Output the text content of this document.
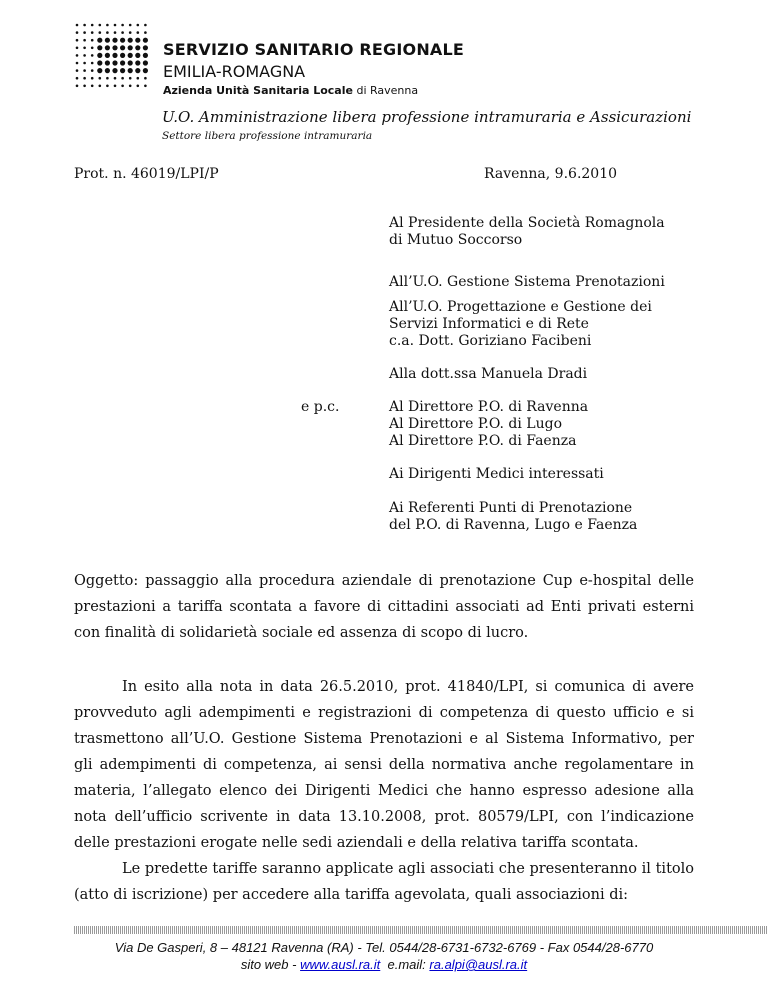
SERVIZIO SANITARIO REGIONALE
EMILIA-ROMAGNA
Azienda Unità Sanitaria Locale di Ravenna
U.O. Amministrazione libera professione intramuraria e Assicurazioni
Settore libera professione intramuraria
Prot. n. 46019/LPI/P	Ravenna, 9.6.2010
Al Presidente della Società Romagnola
di Mutuo Soccorso
All’U.O. Gestione Sistema Prenotazioni
All’U.O. Progettazione e Gestione dei
Servizi Informatici e di Rete
c.a. Dott. Goriziano Facibeni
Alla dott.ssa Manuela Dradi
e p.c.	Al Direttore P.O. di Ravenna
Al Direttore P.O. di Lugo
Al Direttore P.O. di Faenza
Ai Dirigenti Medici interessati
Ai Referenti Punti di Prenotazione
del P.O. di Ravenna, Lugo e Faenza

Oggetto: passaggio alla procedura aziendale di prenotazione Cup e-hospital delle prestazioni a tariffa scontata a favore di cittadini associati ad Enti privati esterni con finalità di solidarietà sociale ed assenza di scopo di lucro.

In esito alla nota in data 26.5.2010, prot. 41840/LPI, si comunica di avere provveduto agli adempimenti e registrazioni di competenza di questo ufficio e si trasmettono all’U.O. Gestione Sistema Prenotazioni e al Sistema Informativo, per gli adempimenti di competenza, ai sensi della normativa anche regolamentare in materia, l’allegato elenco dei Dirigenti Medici che hanno espresso adesione alla nota dell’ufficio scrivente in data 13.10.2008, prot. 80579/LPI, con l’indicazione delle prestazioni erogate nelle sedi aziendali e della relativa tariffa scontata.

Le predette tariffe saranno applicate agli associati che presenteranno il titolo (atto di iscrizione) per accedere alla tariffa agevolata, quali associazioni di:

Via De Gasperi, 8 – 48121 Ravenna (RA) - Tel. 0544/28-6731-6732-6769 - Fax 0544/28-6770
sito web - www.ausl.ra.it  e.mail: ra.alpi@ausl.ra.it
